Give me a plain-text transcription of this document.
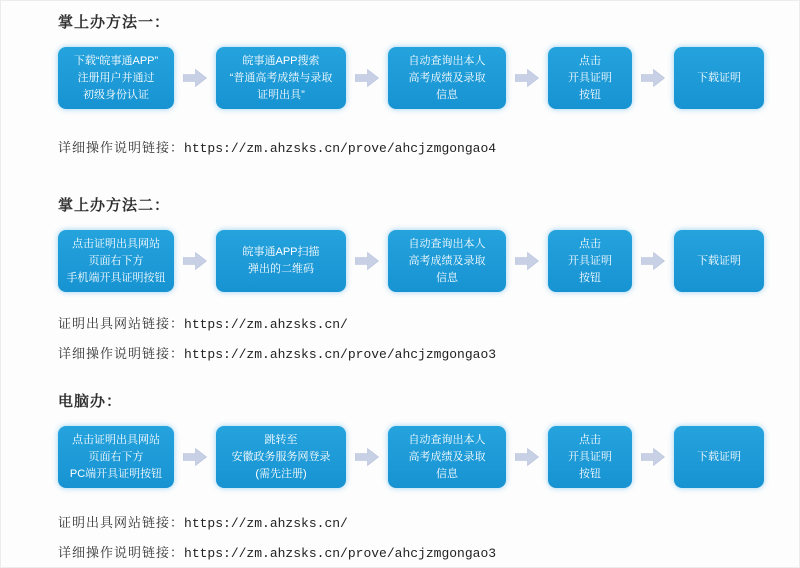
掌上办方法一：
下载“皖事通APP”
注册用户并通过
初级身份认证
皖事通APP搜索
“普通高考成绩与录取
证明出具”
自动查询出本人
高考成绩及录取
信息
点击
开具证明
按钮
下载证明
详细操作说明链接：https://zm.ahzsks.cn/prove/ahcjzmgongao4
掌上办方法二：
点击证明出具网站
页面右下方
手机端开具证明按钮
皖事通APP扫描
弹出的二维码
自动查询出本人
高考成绩及录取
信息
点击
开具证明
按钮
下载证明
证明出具网站链接：https://zm.ahzsks.cn/
详细操作说明链接：https://zm.ahzsks.cn/prove/ahcjzmgongao3
电脑办：
点击证明出具网站
页面右下方
PC端开具证明按钮
跳转至
安徽政务服务网登录
(需先注册)
自动查询出本人
高考成绩及录取
信息
点击
开具证明
按钮
下载证明
证明出具网站链接：https://zm.ahzsks.cn/
详细操作说明链接：https://zm.ahzsks.cn/prove/ahcjzmgongao3
